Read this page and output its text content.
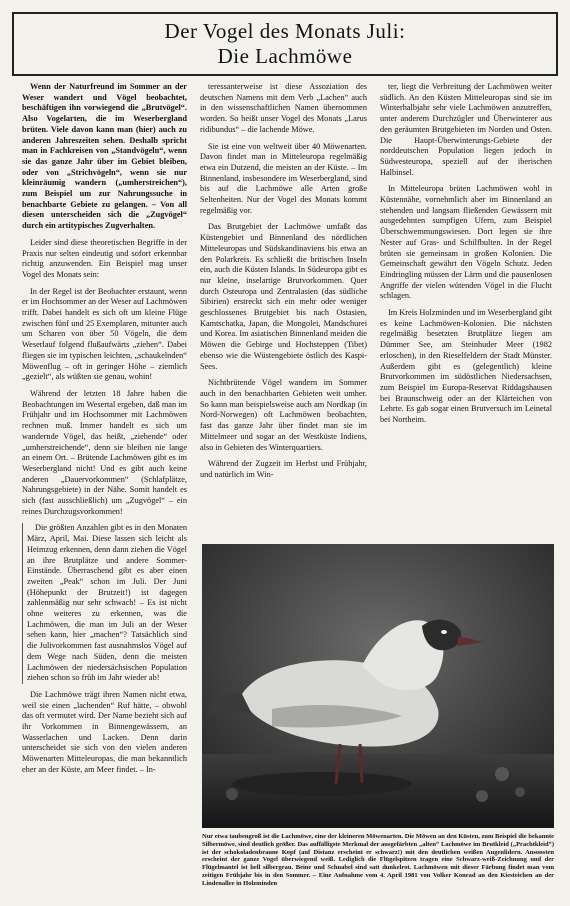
Der Vogel des Monats Juli:
Die Lachmöwe

Wenn der Naturfreund im Sommer an der Weser wandert und Vögel beobachtet, beschäftigen ihn vorwiegend die „Brutvögel“. Also Vogelarten, die im Weserbergland brüten. Viele davon kann man (hier) auch zu anderen Jahreszeiten sehen. Deshalb spricht man in Fachkreisen von „Standvögeln“, wenn sie das ganze Jahr über im Gebiet bleiben, oder von „Strichvögeln“, wenn sie nur kleinräumig wandern („umherstreichen“), zum Beispiel um zur Nahrungssuche in benachbarte Gebiete zu gelangen. – Von all diesen unterscheiden sich die „Zugvögel“ durch ein artitypisches Zugverhalten.

Leider sind diese theoretischen Begriffe in der Praxis nur selten eindeutig und sofort erkennbar richtig anzuwenden. Ein Beispiel mag unser Vogel des Monats sein:

In der Regel ist der Beobachter erstaunt, wenn er im Hochsommer an der Weser auf Lachmöwen trifft. Dabei handelt es sich oft um kleine Flüge zwischen fünf und 25 Exemplaren, mitunter auch um Scharen von über 50 Vögeln, die dem Weserlauf folgend flußaufwärts „ziehen“. Dabei fliegen sie im typischen leichten, „schaukelnden“ Möwenflug – oft in geringer Höhe – ziemlich „gezielt“, als wüßten sie genau, wohin!

Während der letzten 18 Jahre haben die Beobachtungen im Wesertal ergeben, daß man im Frühjahr und im Hochsommer mit Lachmöwen rechnen muß. Immer handelt es sich um wandernde Vögel, das heißt, „ziehende“ oder „umherstreichende“, denn sie bleiben nie lange an einem Ort. – Brütende Lachmöwen gibt es im Weserbergland nicht! Und es gibt auch keine anderen „Dauervorkommen“ (Schlafplätze, Nahrungsgebiete) in der Nähe. Somit handelt es sich (fast ausschließlich) um „Zugvögel“ – ein reines Durchzugsvorkommen!

Die größten Anzahlen gibt es in den Monaten März, April, Mai. Diese lassen sich leicht als Heimzug erkennen, denn dann ziehen die Vögel an ihre Brutplätze und andere Sommer-Einstände. Überraschend gibt es aber einen zweiten „Peak“ schon im Juli. Der Juni (Höhepunkt der Brutzeit!) ist dagegen zahlenmäßig nur sehr schwach! – Es ist nicht ohne weiteres zu erkennen, was die Lachmöwen, die man im Juli an der Weser sehen kann, hier „machen“? Tatsächlich sind die Julivorkommen fast ausnahmslos Vögel auf dem Wege nach Süden, denn die meisten Lachmöwen der niedersächsischen Population ziehen schon so früh im Jahr wieder ab!

Die Lachmöwe trägt ihren Namen nicht etwa, weil sie einen „lachenden“ Ruf hätte, – obwohl das oft vermutet wird. Der Name bezieht sich auf ihr Vorkommen in Binnengewässern, an Wasserlachen und Lacken. Denn darin unterscheidet sie sich von den vielen anderen Möwenarten Mitteleuropas, die man bekanntlich eher an der Küste, am Meer findet. – In-

teressanterweise ist diese Assoziation des deutschen Namens mit dem Verb „Lachen“ auch in den wissenschaftlichen Namen übernommen worden. So heißt unser Vogel des Monats „Larus ridibundus“ – die lachende Möwe.

Sie ist eine von weltweit über 40 Möwenarten. Davon findet man in Mitteleuropa regelmäßig etwa ein Dutzend, die meisten an der Küste. – Im Binnenland, insbesondere im Weserbergland, sind bis auf die Lachmöwe alle Arten große Seltenheiten. Nur der Vogel des Monats kommt regelmäßig vor.

Das Brutgebiet der Lachmöwe umfaßt das Küstengebiet und Binnenland des nördlichen Mitteleuropas und Südskandinaviens bis etwa an den Polarkreis. Es schließt die britischen Inseln ein, auch die Küsten Islands. In Südeuropa gibt es nur kleine, inselartige Brutvorkommen. Quer durch Osteuropa und Zentralasien (das südliche Sibirien) erstreckt sich ein mehr oder weniger geschlossenes Brutgebiet bis nach Ostasien, Kamtschatka, Japan, die Mongolei, Mandschurei und Korea. Im asiatischen Binnenland meiden die Möwen die Gebirge und Hochsteppen (Tibet) ebenso wie die Wüstengebiete östlich des Kaspi-Sees.

Nichtbrütende Vögel wandern im Sommer auch in den benachbarten Gebieten weit umher. So kann man beispielsweise auch am Nordkap (in Nord-Norwegen) oft Lachmöwen beobachten, fast das ganze Jahr über findet man sie im Mittelmeer und sogar an der Westküste Indiens, also in Gebieten des Winterquartiers.

Während der Zugzeit im Herbst und Frühjahr, und natürlich im Win-

ter, liegt die Verbreitung der Lachmöwen weiter südlich. An den Küsten Mitteleuropas sind sie im Winterhalbjahr sehr viele Lachmöwen anzutreffen, unter anderem Durchzügler und Überwinterer aus den geräumten Brutgebieten im Norden und Osten. Die Haupt-Überwinterungs-Gebiete der norddeutschen Population liegen jedoch in Südwesteuropa, speziell auf der iberischen Halbinsel.

In Mitteleuropa brüten Lachmöwen wohl in Küstennähe, vornehmlich aber im Binnenland an stehenden und langsam fließenden Gewässern mit ausgedehnten sumpfigen Ufern, zum Beispiel Überschwemmungswiesen. Dort legen sie ihre Nester auf Gras- und Schilfbulten. In der Regel brüten sie gemeinsam in großen Kolonien. Die Gemeinschaft gewährt den Vögeln Schutz. Jeden Eindringling müssen der Lärm und die pausenlosen Angriffe der vielen wütenden Vögel in die Flucht schlagen.

Im Kreis Holzminden und im Weserbergland gibt es keine Lachmöwen-Kolonien. Die nächsten regelmäßig besetzten Brutplätze liegen am Dümmer See, am Steinhuder Meer (1982 erloschen), in den Rieselfeldern der Stadt Münster. Außerdem gibt es (gelegentlich) kleine Brutvorkommen im südöstlichen Niedersachsen, zum Beispiel im Europa-Reservat Riddagshausen bei Braunschweig oder an der Klärteichen von Lehrte. Es gab sogar einen Brutversuch im Leinetal bei Northeim.

Nur etwa taubengroß ist die Lachmöwe, eine der kleineren Möwenarten. Die Möwen an den Küsten, zum Beispiel die bekannte Silbermöwe, sind deutlich größer. Das auffälligste Merkmal der ausgefärbten „alten“ Lachmöwe im Brutkleid („Prachtkleid“) ist der schokoladenbraune Kopf (auf Distanz erscheint er schwarz!) mit den deutlichen weißen Augenlidern. Ansonsten erscheint der ganze Vogel überwiegend weiß. Lediglich die Flügelspitzen tragen eine Schwarz-weiß-Zeichnung und der Flügelmantel ist hell silbergrau. Beine und Schnabel sind satt dunkelrot. Lachmöwen mit dieser Färbung findet man vom zeitigen Frühjahr bis in den Sommer. – Eine Aufnahme vom 4. April 1981 von Volker Konrad an den Kiesteichen an der Lindenallee in Holzminden
